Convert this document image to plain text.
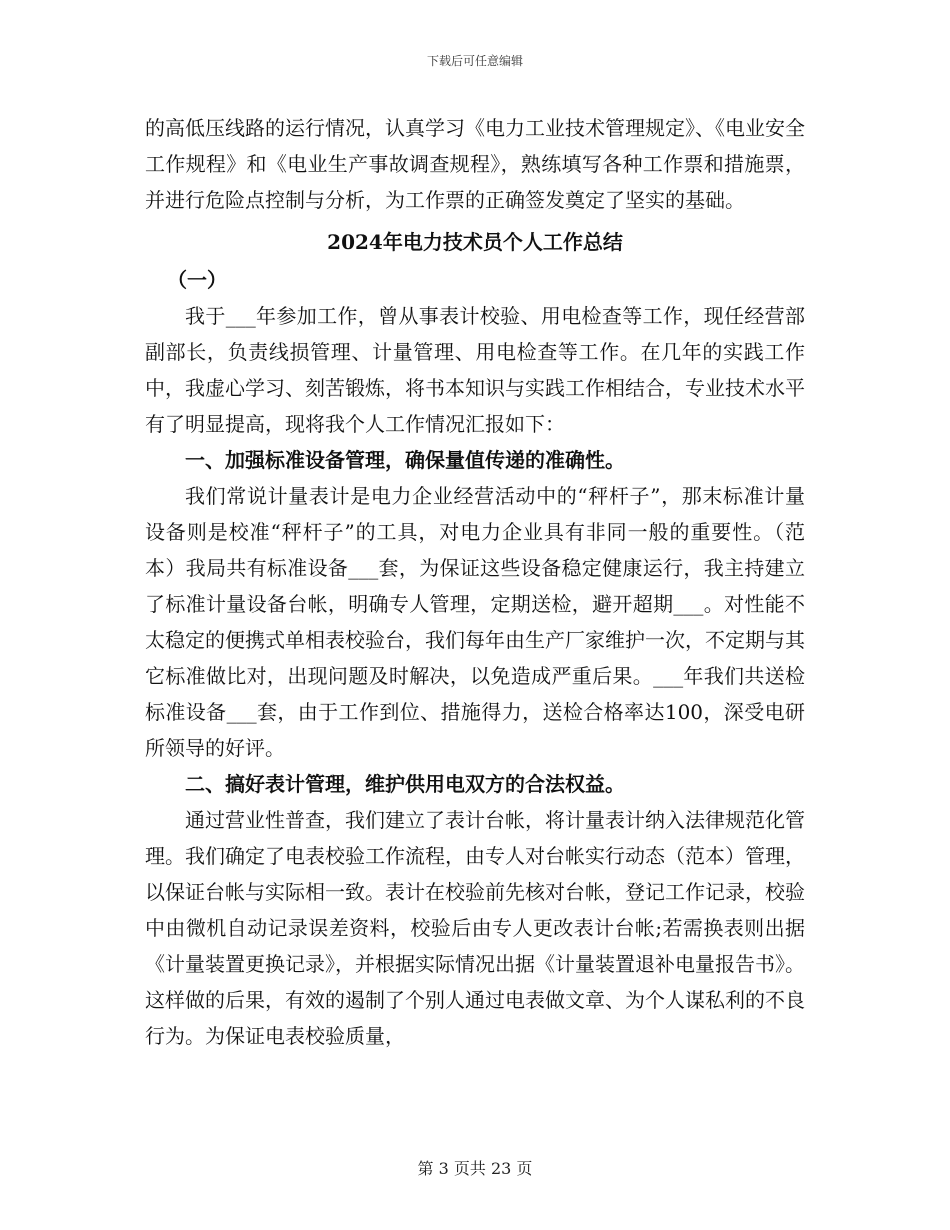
下载后可任意编辑

的高低压线路的运行情况，认真学习《电力工业技术管理规定》、《电业安全工作规程》和《电业生产事故调查规程》，熟练填写各种工作票和措施票，并进行危险点控制与分析，为工作票的正确签发奠定了坚实的基础。

2024年电力技术员个人工作总结

（一）

我于___年参加工作，曾从事表计校验、用电检查等工作，现任经营部副部长，负责线损管理、计量管理、用电检查等工作。在几年的实践工作中，我虚心学习、刻苦锻炼，将书本知识与实践工作相结合，专业技术水平有了明显提高，现将我个人工作情况汇报如下：

一、加强标准设备管理，确保量值传递的准确性。

我们常说计量表计是电力企业经营活动中的“秤杆子”，那末标准计量设备则是校准“秤杆子”的工具，对电力企业具有非同一般的重要性。（范本）我局共有标准设备___套，为保证这些设备稳定健康运行，我主持建立了标准计量设备台帐，明确专人管理，定期送检，避开超期___。对性能不太稳定的便携式单相表校验台，我们每年由生产厂家维护一次，不定期与其它标准做比对，出现问题及时解决，以免造成严重后果。___年我们共送检标准设备___套，由于工作到位、措施得力，送检合格率达100，深受电研所领导的好评。

二、搞好表计管理，维护供用电双方的合法权益。

通过营业性普查，我们建立了表计台帐，将计量表计纳入法律规范化管理。我们确定了电表校验工作流程，由专人对台帐实行动态（范本）管理，以保证台帐与实际相一致。表计在校验前先核对台帐，登记工作记录，校验中由微机自动记录误差资料，校验后由专人更改表计台帐;若需换表则出据《计量装置更换记录》，并根据实际情况出据《计量装置退补电量报告书》。这样做的后果，有效的遏制了个别人通过电表做文章、为个人谋私利的不良行为。为保证电表校验质量，

第 3 页共 23 页
